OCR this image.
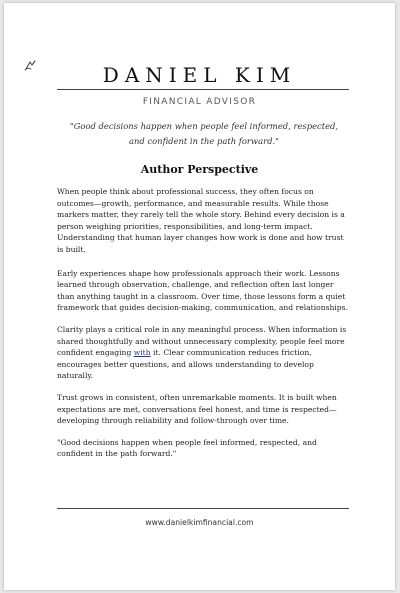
DANIEL KIM
FINANCIAL ADVISOR
"Good decisions happen when people feel informed, respected, and confident in the path forward."
Author Perspective

When people think about professional success, they often focus on outcomes—growth, performance, and measurable results. While those markers matter, they rarely tell the whole story. Behind every decision is a person weighing priorities, responsibilities, and long-term impact. Understanding that human layer changes how work is done and how trust is built.

Early experiences shape how professionals approach their work. Lessons learned through observation, challenge, and reflection often last longer than anything taught in a classroom. Over time, those lessons form a quiet framework that guides decision-making, communication, and relationships.

Clarity plays a critical role in any meaningful process. When information is shared thoughtfully and without unnecessary complexity, people feel more confident engaging with it. Clear communication reduces friction, encourages better questions, and allows understanding to develop naturally.

Trust grows in consistent, often unremarkable moments. It is built when expectations are met, conversations feel honest, and time is respected—developing through reliability and follow-through over time.

"Good decisions happen when people feel informed, respected, and confident in the path forward."

www.danielkimfinancial.com
